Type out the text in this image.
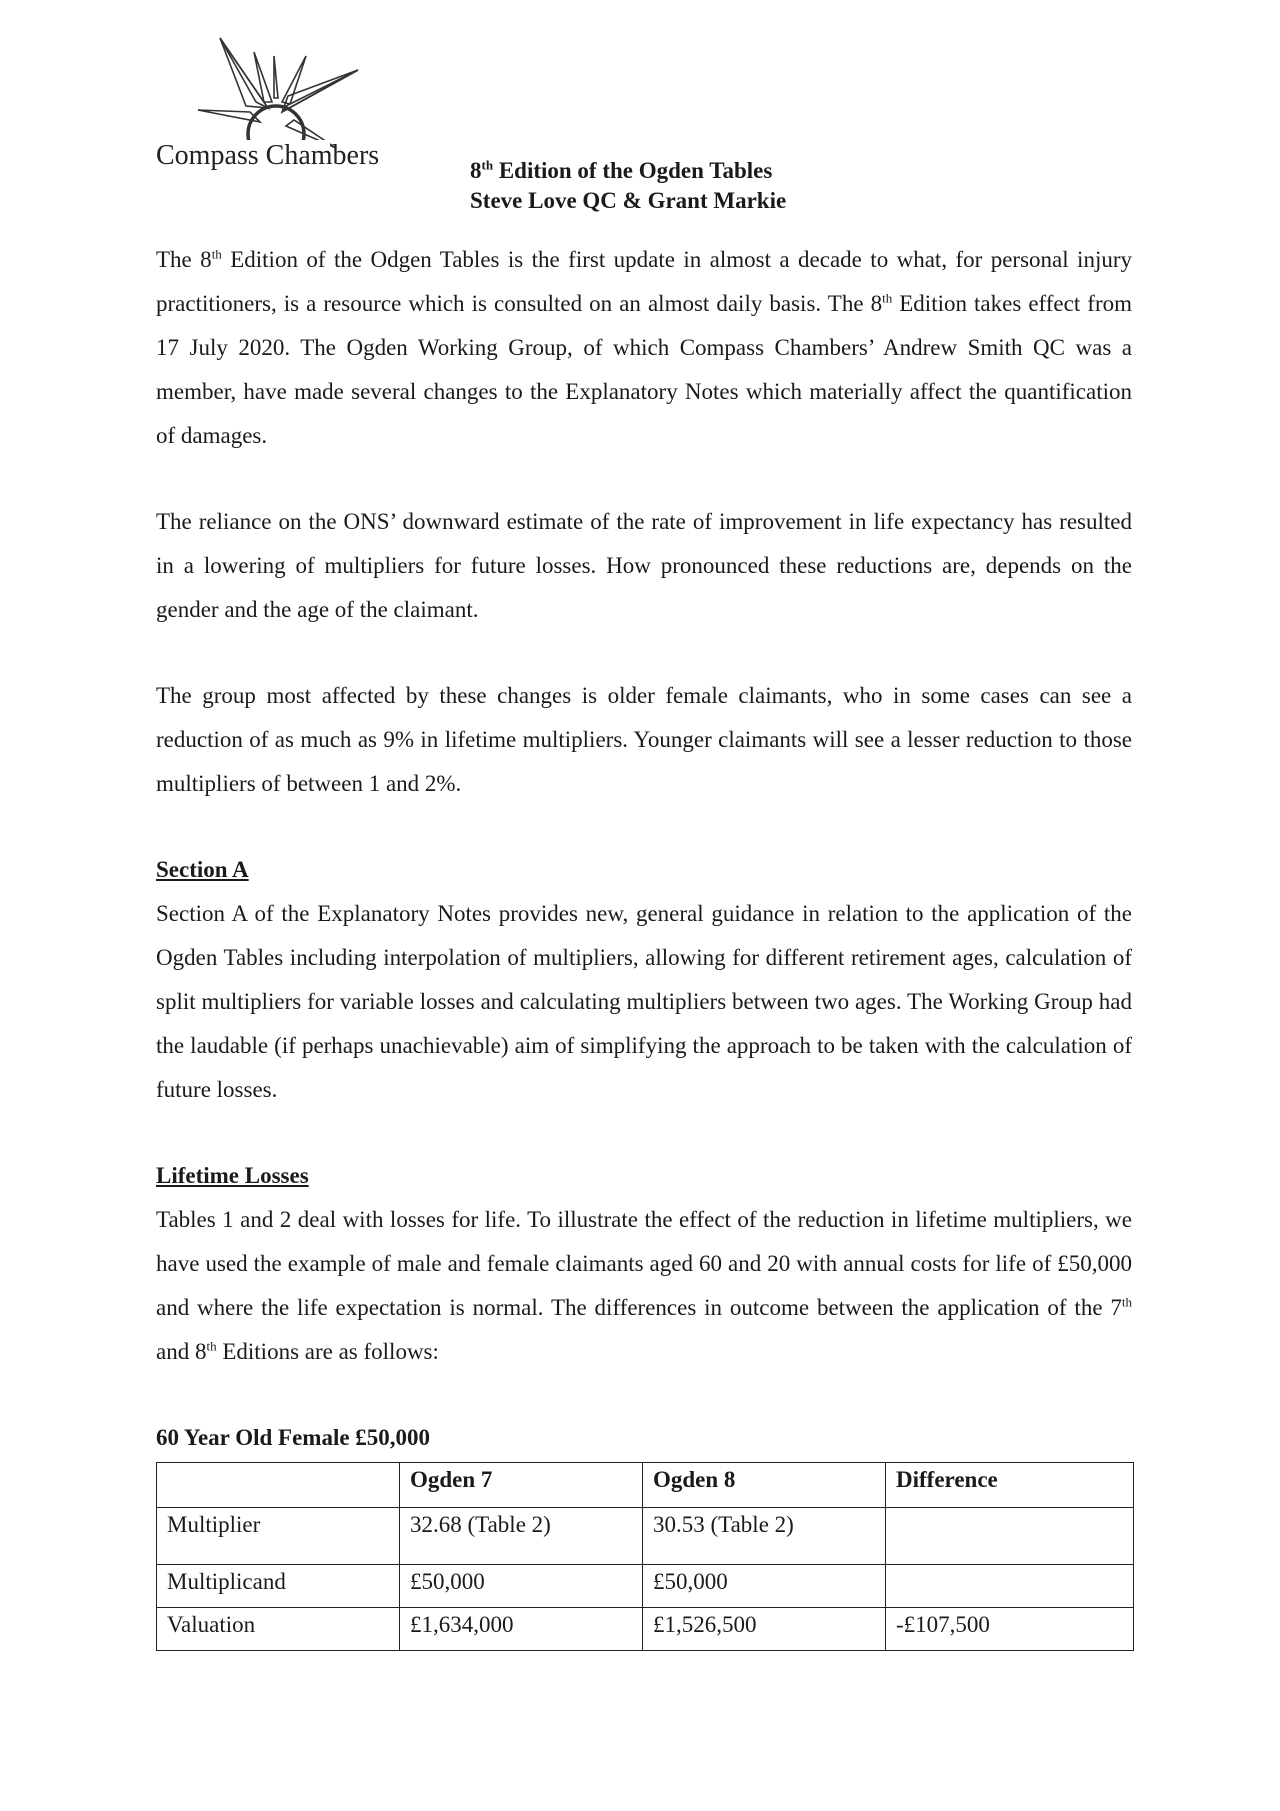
Compass Chambers	8th Edition of the Ogden Tables
Steve Love QC & Grant Markie

The 8th Edition of the Odgen Tables is the first update in almost a decade to what, for personal injury practitioners, is a resource which is consulted on an almost daily basis. The 8th Edition takes effect from 17 July 2020. The Ogden Working Group, of which Compass Chambers’ Andrew Smith QC was a member, have made several changes to the Explanatory Notes which materially affect the quantification of damages.

The reliance on the ONS’ downward estimate of the rate of improvement in life expectancy has resulted in a lowering of multipliers for future losses. How pronounced these reductions are, depends on the gender and the age of the claimant.

The group most affected by these changes is older female claimants, who in some cases can see a reduction of as much as 9% in lifetime multipliers. Younger claimants will see a lesser reduction to those multipliers of between 1 and 2%.

Section A

Section A of the Explanatory Notes provides new, general guidance in relation to the application of the Ogden Tables including interpolation of multipliers, allowing for different retirement ages, calculation of split multipliers for variable losses and calculating multipliers between two ages. The Working Group had the laudable (if perhaps unachievable) aim of simplifying the approach to be taken with the calculation of future losses.

Lifetime Losses

Tables 1 and 2 deal with losses for life. To illustrate the effect of the reduction in lifetime multipliers, we have used the example of male and female claimants aged 60 and 20 with annual costs for life of £50,000 and where the life expectation is normal. The differences in outcome between the application of the 7th and 8th Editions are as follows:

60 Year Old Female £50,000

	Ogden 7	Ogden 8	Difference
Multiplier	32.68 (Table 2)	30.53 (Table 2)	
Multiplicand	£50,000	£50,000	
Valuation	£1,634,000	£1,526,500	-£107,500
